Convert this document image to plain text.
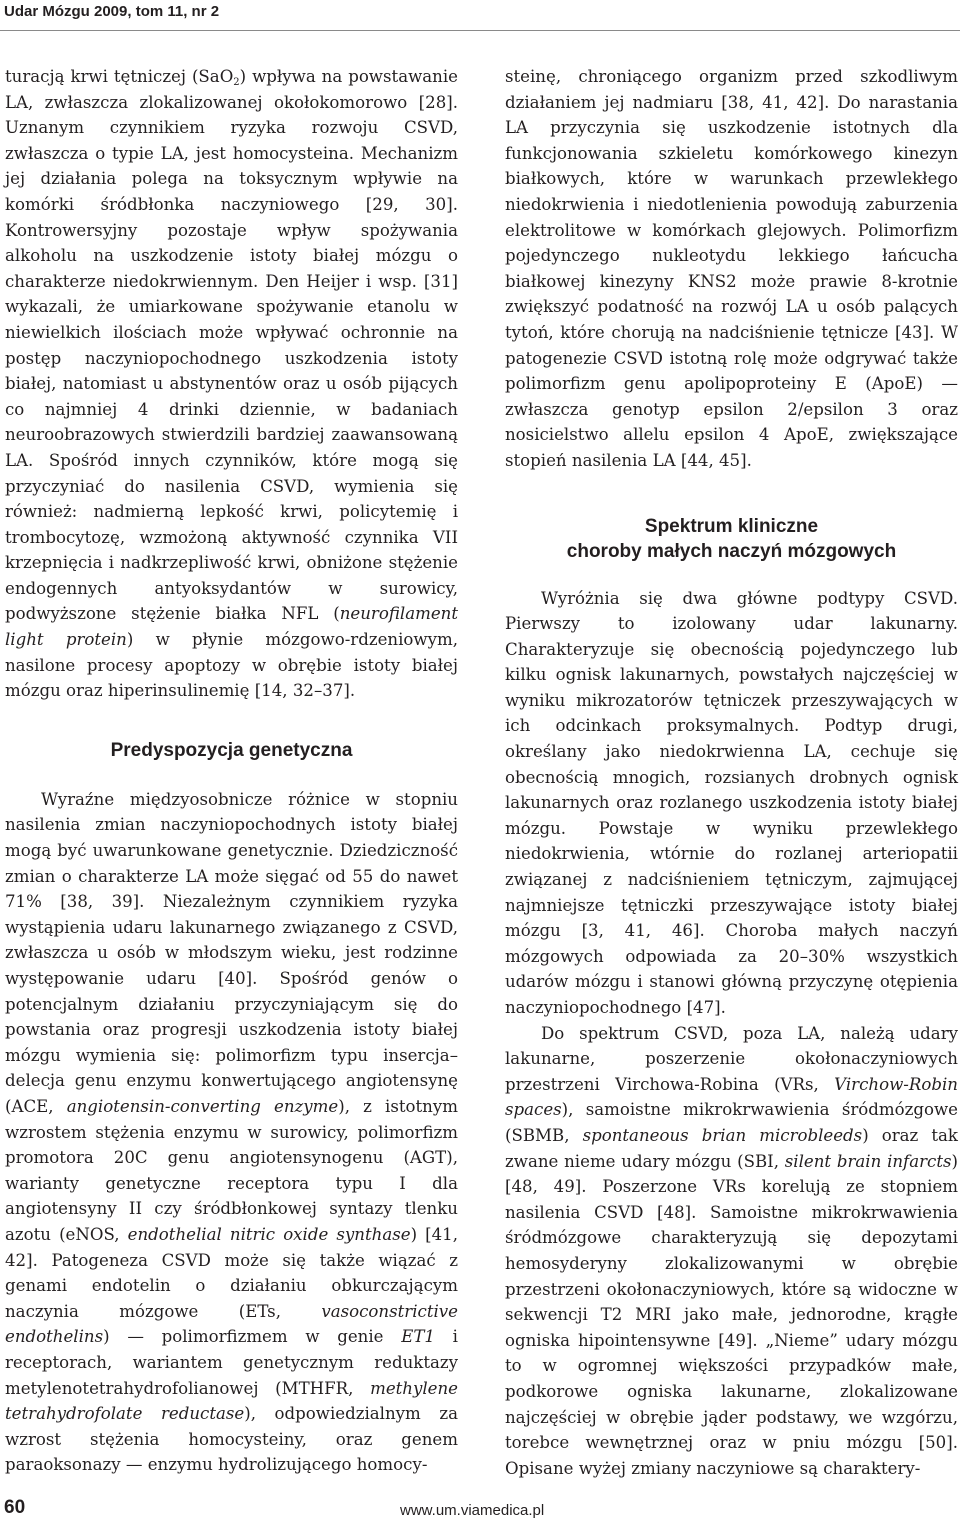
Udar Mózgu 2009, tom 11, nr 2

turacją krwi tętniczej (SaO$_2$) wpływa na powstawanie LA, zwłaszcza zlokalizowanej okołokomorowo [28]. Uznanym czynnikiem ryzyka rozwoju CSVD, zwłaszcza o typie LA, jest homocysteina. Mechanizm jej działania polega na toksycznym wpływie na komórki śródbłonka naczyniowego [29, 30]. Kontrowersyjny pozostaje wpływ spożywania alkoholu na uszkodzenie istoty białej mózgu o charakterze niedokrwiennym. Den Heijer i wsp. [31] wykazali, że umiarkowane spożywanie etanolu w niewielkich ilościach może wpływać ochronnie na postęp naczyniopochodnego uszkodzenia istoty białej, natomiast u abstynentów oraz u osób pijących co najmniej 4 drinki dziennie, w badaniach neuroobrazowych stwierdzili bardziej zaawansowaną LA. Spośród innych czynników, które mogą się przyczyniać do nasilenia CSVD, wymienia się również: nadmierną lepkość krwi, policytemię i trombocytozę, wzmożoną aktywność czynnika VII krzepnięcia i nadkrzepliwość krwi, obniżone stężenie endogennych antyoksydantów w surowicy, podwyższone stężenie białka NFL (neurofilament light protein) w płynie mózgowo-rdzeniowym, nasilone procesy apoptozy w obrębie istoty białej mózgu oraz hiperinsulinemię [14, 32–37].

Predyspozycja genetyczna

Wyraźne międzyosobnicze różnice w stopniu nasilenia zmian naczyniopochodnych istoty białej mogą być uwarunkowane genetycznie. Dziedziczność zmian o charakterze LA może sięgać od 55 do nawet 71% [38, 39]. Niezależnym czynnikiem ryzyka wystąpienia udaru lakunarnego związanego z CSVD, zwłaszcza u osób w młodszym wieku, jest rodzinne występowanie udaru [40]. Spośród genów o potencjalnym działaniu przyczyniającym się do powstania oraz progresji uszkodzenia istoty białej mózgu wymienia się: polimorfizm typu insercja–delecja genu enzymu konwertującego angiotensynę (ACE, angiotensin-converting enzyme), z istotnym wzrostem stężenia enzymu w surowicy, polimorfizm promotora 20C genu angiotensynogenu (AGT), warianty genetyczne receptora typu I dla angiotensyny II czy śródbłonkowej syntazy tlenku azotu (eNOS, endothelial nitric oxide synthase) [41, 42]. Patogeneza CSVD może się także wiązać z genami endotelin o działaniu obkurczającym naczynia mózgowe (ETs, vasoconstrictive endothelins) — polimorfizmem w genie ET1 i receptorach, wariantem genetycznym reduktazy metylenotetrahydrofolianowej (MTHFR, methylene tetrahydrofolate reductase), odpowiedzialnym za wzrost stężenia homocysteiny, oraz genem paraoksonazy — enzymu hydrolizującego homocy-

steinę, chroniącego organizm przed szkodliwym działaniem jej nadmiaru [38, 41, 42]. Do narastania LA przyczynia się uszkodzenie istotnych dla funkcjonowania szkieletu komórkowego kinezyn białkowych, które w warunkach przewlekłego niedokrwienia i niedotlenienia powodują zaburzenia elektrolitowe w komórkach glejowych. Polimorfizm pojedynczego nukleotydu lekkiego łańcucha białkowej kinezyny KNS2 może prawie 8-krotnie zwiększyć podatność na rozwój LA u osób palących tytoń, które chorują na nadciśnienie tętnicze [43]. W patogenezie CSVD istotną rolę może odgrywać także polimorfizm genu apolipoproteiny E (ApoE) — zwłaszcza genotyp epsilon 2/epsilon 3 oraz nosicielstwo allelu epsilon 4 ApoE, zwiększające stopień nasilenia LA [44, 45].

Spektrum kliniczne
choroby małych naczyń mózgowych

Wyróżnia się dwa główne podtypy CSVD. Pierwszy to izolowany udar lakunarny. Charakteryzuje się obecnością pojedynczego lub kilku ognisk lakunarnych, powstałych najczęściej w wyniku mikrozatorów tętniczek przeszywających w ich odcinkach proksymalnych. Podtyp drugi, określany jako niedokrwienna LA, cechuje się obecnością mnogich, rozsianych drobnych ognisk lakunarnych oraz rozlanego uszkodzenia istoty białej mózgu. Powstaje w wyniku przewlekłego niedokrwienia, wtórnie do rozlanej arteriopatii związanej z nadciśnieniem tętniczym, zajmującej najmniejsze tętniczki przeszywające istoty białej mózgu [3, 41, 46]. Choroba małych naczyń mózgowych odpowiada za 20–30% wszystkich udarów mózgu i stanowi główną przyczynę otępienia naczyniopochodnego [47].

Do spektrum CSVD, poza LA, należą udary lakunarne, poszerzenie okołonaczyniowych przestrzeni Virchowa-Robina (VRs, Virchow-Robin spaces), samoistne mikrokrwawienia śródmózgowe (SBMB, spontaneous brian microbleeds) oraz tak zwane nieme udary mózgu (SBI, silent brain infarcts) [48, 49]. Poszerzone VRs korelują ze stopniem nasilenia CSVD [48]. Samoistne mikrokrwawienia śródmózgowe charakteryzują się depozytami hemosyderyny zlokalizowanymi w obrębie przestrzeni okołonaczyniowych, które są widoczne w sekwencji T2 MRI jako małe, jednorodne, krągłe ogniska hipointensywne [49]. „Nieme” udary mózgu to w ogromnej większości przypadków małe, podkorowe ogniska lakunarne, zlokalizowane najczęściej w obrębie jąder podstawy, we wzgórzu, torebce wewnętrznej oraz w pniu mózgu [50]. Opisane wyżej zmiany naczyniowe są charaktery-

60	www.um.viamedica.pl
